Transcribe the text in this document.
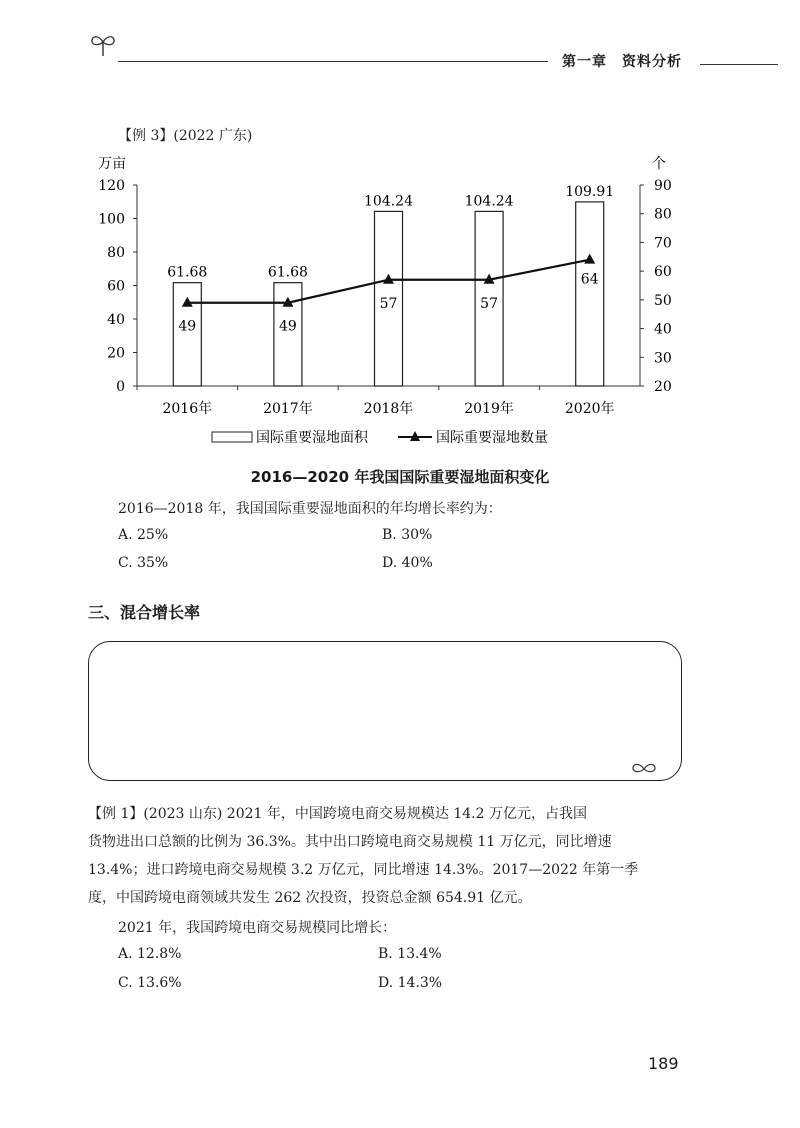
第一章　资料分析
【例 3】(2022 广东)
万亩	个
0
20
40
60
80
100
120
20
30
40
50
60
70
80
90
2016年	2017年	2018年	2019年	2020年
61.68	61.68
104.24	104.24
109.91
49	49
57	57
64
国际重要湿地面积	国际重要湿地数量
2016—2020 年我国国际重要湿地面积变化
2016—2018 年，我国国际重要湿地面积的年均增长率约为：
A. 25%	B. 30%
C. 35%	D. 40%
三、混合增长率
【例 1】(2023 山东) 2021 年，中国跨境电商交易规模达 14.2 万亿元，占我国
货物进出口总额的比例为 36.3%。其中出口跨境电商交易规模 11 万亿元，同比增速
13.4%；进口跨境电商交易规模 3.2 万亿元，同比增速 14.3%。2017—2022 年第一季
度，中国跨境电商领域共发生 262 次投资，投资总金额 654.91 亿元。
2021 年，我国跨境电商交易规模同比增长：
A. 12.8%	B. 13.4%
C. 13.6%	D. 14.3%
189
